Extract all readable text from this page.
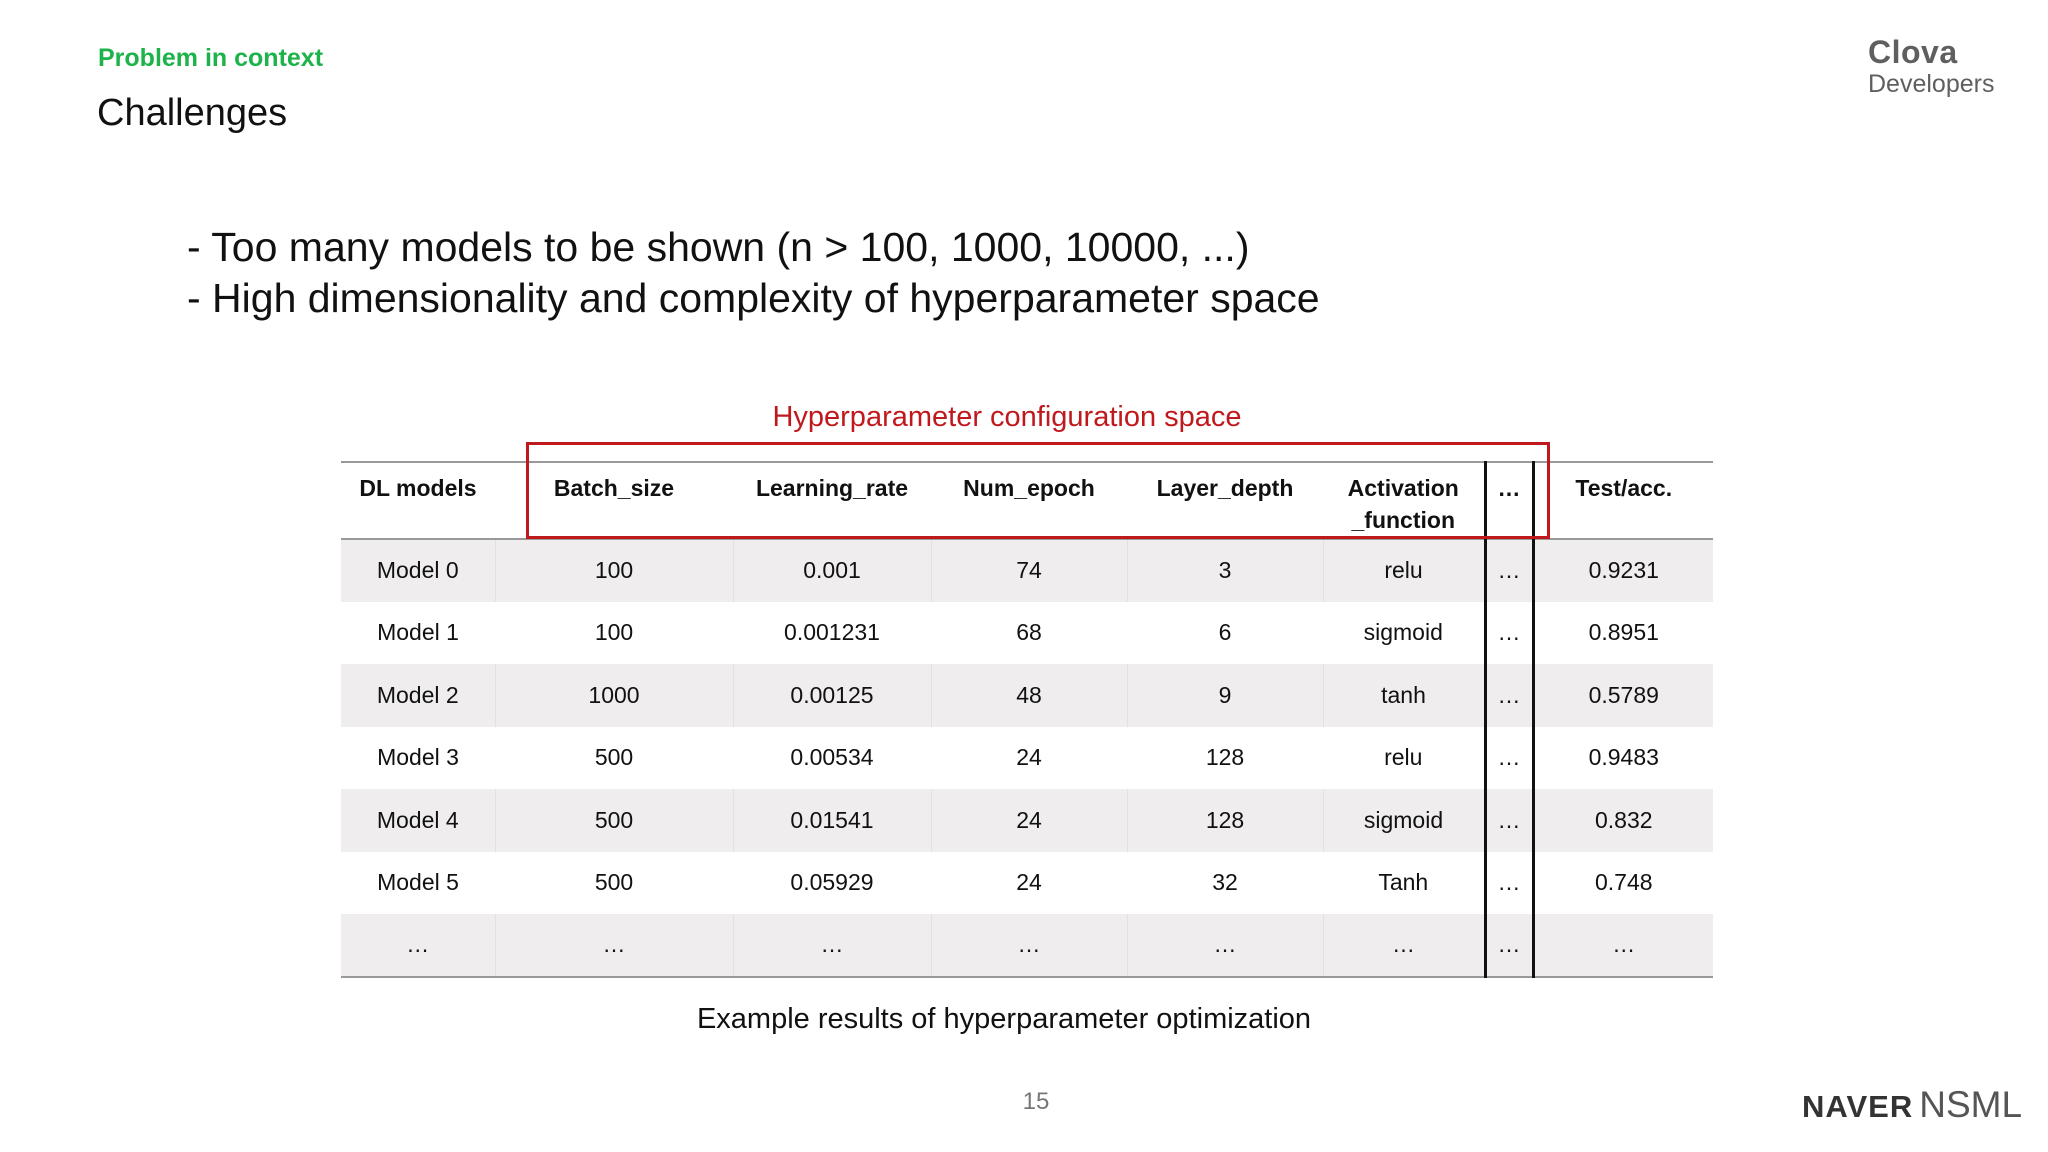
Problem in context
Challenges
Clova
Developers
- Too many models to be shown (n > 100, 1000, 10000, ...)
- High dimensionality and complexity of hyperparameter space
Hyperparameter configuration space
DL models	Batch_size	Learning_rate	Num_epoch	Layer_depth	Activation
_function	…	Test/acc.
Model 0	100	0.001	74	3	relu	…	0.9231
Model 1	100	0.001231	68	6	sigmoid	…	0.8951
Model 2	1000	0.00125	48	9	tanh	…	0.5789
Model 3	500	0.00534	24	128	relu	…	0.9483
Model 4	500	0.01541	24	128	sigmoid	…	0.832
Model 5	500	0.05929	24	32	Tanh	…	0.748
…	…	…	…	…	…	…	…
Example results of hyperparameter optimization
15	NAVER NSML
